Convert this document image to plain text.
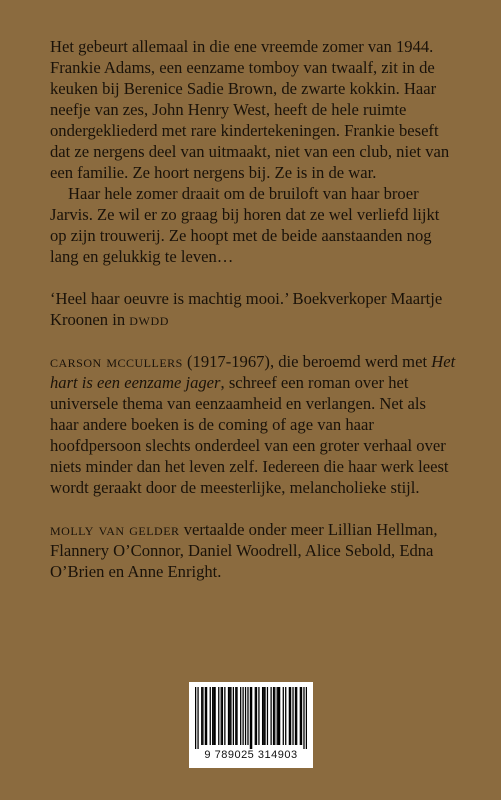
Het gebeurt allemaal in die ene vreemde zomer van 1944. Frankie Adams, een eenzame tomboy van twaalf, zit in de keuken bij Berenice Sadie Brown, de zwarte kokkin. Haar neefje van zes, John Henry West, heeft de hele ruimte ondergekliederd met rare kindertekeningen. Frankie beseft dat ze nergens deel van uitmaakt, niet van een club, niet van een familie. Ze hoort nergens bij. Ze is in de war.

Haar hele zomer draait om de bruiloft van haar broer Jarvis. Ze wil er zo graag bij horen dat ze wel verliefd lijkt op zijn trouwerij. Ze hoopt met de beide aanstaanden nog lang en gelukkig te leven…

‘Heel haar oeuvre is machtig mooi.’ Boekverkoper Maartje Kroonen in dwdd

carson mccullers (1917-1967), die beroemd werd met Het hart is een eenzame jager, schreef een roman over het universele thema van eenzaamheid en verlangen. Net als haar andere boeken is de coming of age van haar hoofdpersoon slechts onderdeel van een groter verhaal over niets minder dan het leven zelf. Iedereen die haar werk leest wordt geraakt door de meesterlijke, melancholieke stijl.

molly van gelder vertaalde onder meer Lillian Hellman, Flannery O’Connor, Daniel Woodrell, Alice Sebold, Edna O’Brien en Anne Enright.

9 789025 314903
